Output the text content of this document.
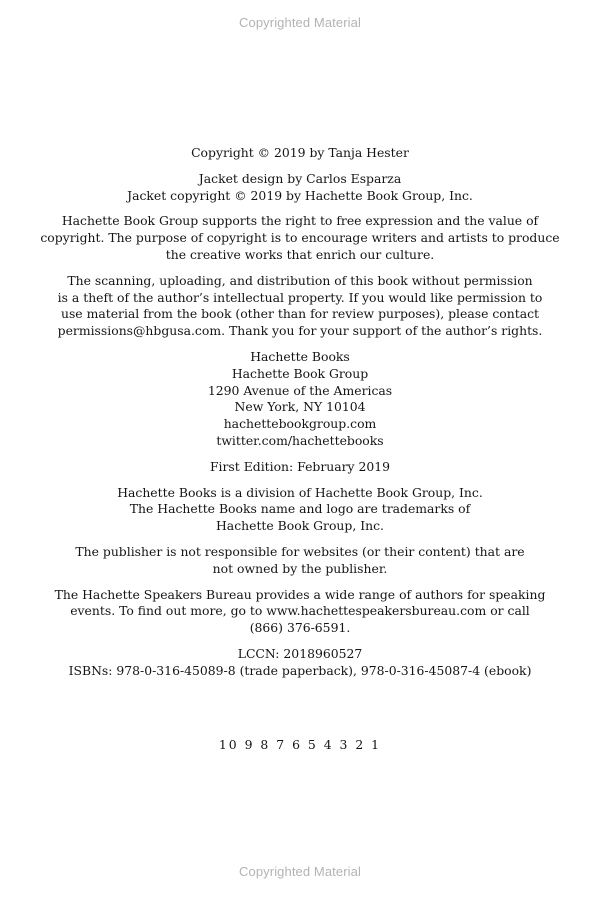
Copyrighted Material
Copyright © 2019 by Tanja Hester
Jacket design by Carlos Esparza
Jacket copyright © 2019 by Hachette Book Group, Inc.
Hachette Book Group supports the right to free expression and the value of
copyright. The purpose of copyright is to encourage writers and artists to produce
the creative works that enrich our culture.
The scanning, uploading, and distribution of this book without permission
is a theft of the author’s intellectual property. If you would like permission to
use material from the book (other than for review purposes), please contact
permissions@hbgusa.com. Thank you for your support of the author’s rights.
Hachette Books
Hachette Book Group
1290 Avenue of the Americas
New York, NY 10104
hachettebookgroup.com
twitter.com/hachettebooks
First Edition: February 2019
Hachette Books is a division of Hachette Book Group, Inc.
The Hachette Books name and logo are trademarks of
Hachette Book Group, Inc.
The publisher is not responsible for websites (or their content) that are
not owned by the publisher.
The Hachette Speakers Bureau provides a wide range of authors for speaking
events. To find out more, go to www.hachettespeakersbureau.com or call
(866) 376-6591.
LCCN: 2018960527
ISBNs: 978-0-316-45089-8 (trade paperback), 978-0-316-45087-4 (ebook)
10 9 8 7 6 5 4 3 2 1
Copyrighted Material
